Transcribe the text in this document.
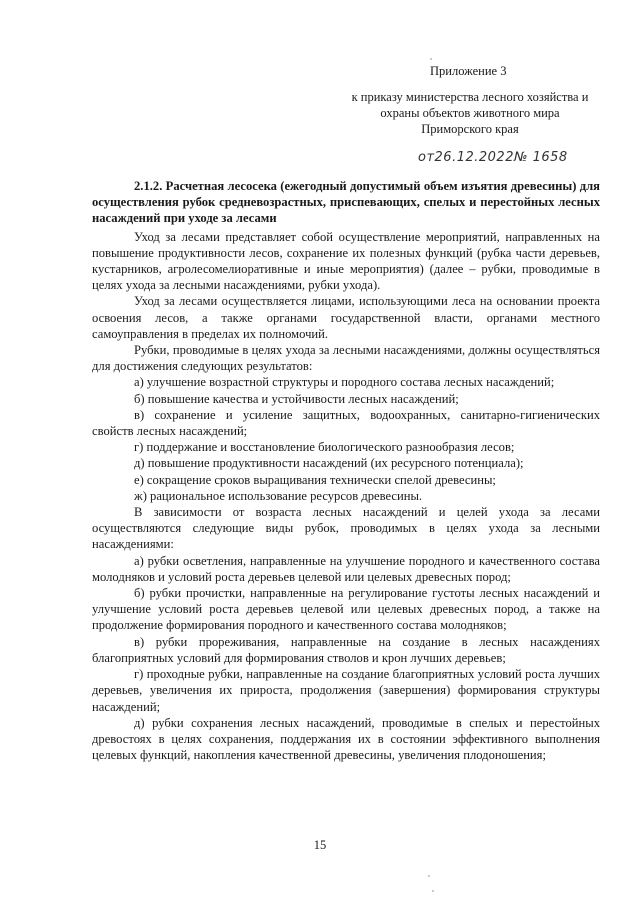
Приложение 3
к приказу министерства лесного хозяйства и
охраны объектов животного мира
Приморского края
от26.12.2022№ 1658

2.1.2. Расчетная лесосека (ежегодный допустимый объем изъятия древесины) для осуществления рубок средневозрастных, приспевающих, спелых и перестойных лесных насаждений при уходе за лесами

Уход за лесами представляет собой осуществление мероприятий, направленных на повышение продуктивности лесов, сохранение их полезных функций (рубка части деревьев, кустарников, агролесомелиоративные и иные мероприятия) (далее – рубки, проводимые в целях ухода за лесными насаждениями, рубки ухода).

Уход за лесами осуществляется лицами, использующими леса на основании проекта освоения лесов, а также органами государственной власти, органами местного самоуправления в пределах их полномочий.

Рубки, проводимые в целях ухода за лесными насаждениями, должны осуществляться для достижения следующих результатов:

а) улучшение возрастной структуры и породного состава лесных насаждений;

б) повышение качества и устойчивости лесных насаждений;

в) сохранение и усиление защитных, водоохранных, санитарно-гигиенических свойств лесных насаждений;

г) поддержание и восстановление биологического разнообразия лесов;

д) повышение продуктивности насаждений (их ресурсного потенциала);

е) сокращение сроков выращивания технически спелой древесины;

ж) рациональное использование ресурсов древесины.

В зависимости от возраста лесных насаждений и целей ухода за лесами осуществляются следующие виды рубок, проводимых в целях ухода за лесными насаждениями:

а) рубки осветления, направленные на улучшение породного и качественного состава молодняков и условий роста деревьев целевой или целевых древесных пород;

б) рубки прочистки, направленные на регулирование густоты лесных насаждений и улучшение условий роста деревьев целевой или целевых древесных пород, а также на продолжение формирования породного и качественного состава молодняков;

в) рубки прореживания, направленные на создание в лесных насаждениях благоприятных условий для формирования стволов и крон лучших деревьев;

г) проходные рубки, направленные на создание благоприятных условий роста лучших деревьев, увеличения их прироста, продолжения (завершения) формирования структуры насаждений;

д) рубки сохранения лесных насаждений, проводимые в спелых и перестойных древостоях в целях сохранения, поддержания их в состоянии эффективного выполнения целевых функций, накопления качественной древесины, увеличения плодоношения;

15
